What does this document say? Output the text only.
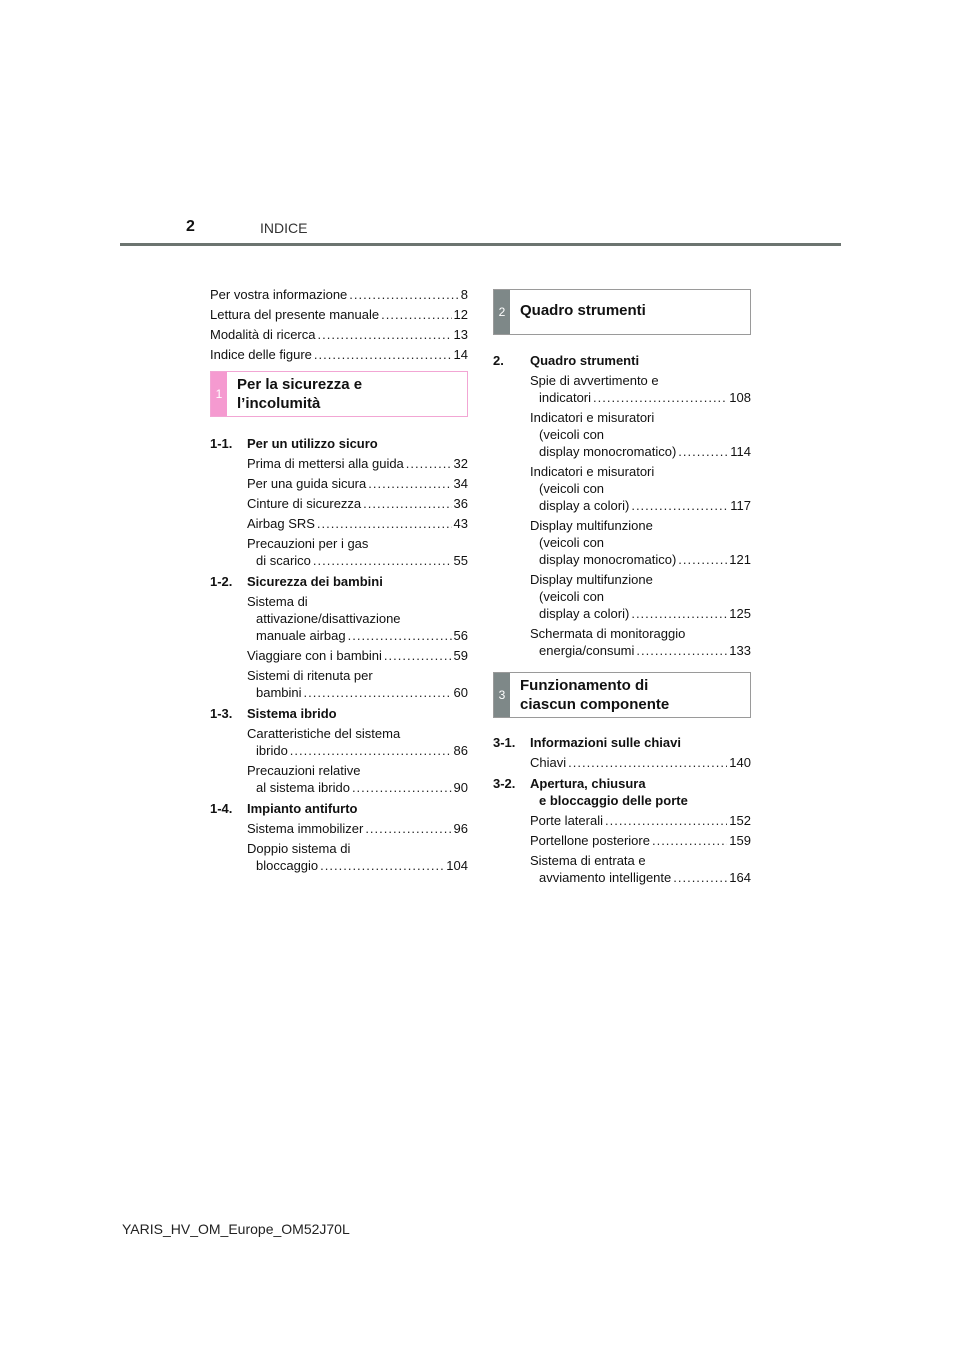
2	INDICE
Per vostra informazione .....	8
Lettura del presente manuale .....	12
Modalità di ricerca .....	13
Indice delle figure .....	14
1
Per la sicurezza e
l’incolumità
1-1.	Per un utilizzo sicuro
Prima di mettersi alla guida .....	32
Per una guida sicura .....	34
Cinture di sicurezza .....	36
Airbag SRS .....	43
Precauzioni per i gas
di scarico .....	55
1-2.	Sicurezza dei bambini
Sistema di
attivazione/disattivazione
manuale airbag .....	56
Viaggiare con i bambini .....	59
Sistemi di ritenuta per
bambini .....	60
1-3.	Sistema ibrido
Caratteristiche del sistema
ibrido .....	86
Precauzioni relative
al sistema ibrido .....	90
1-4.	Impianto antifurto
Sistema immobilizer .....	96
Doppio sistema di
bloccaggio .....	104
2 Quadro strumenti
2.	Quadro strumenti
Spie di avvertimento e
indicatori .....	108
Indicatori e misuratori
(veicoli con
display monocromatico) .....	114
Indicatori e misuratori
(veicoli con
display a colori) .....	117
Display multifunzione
(veicoli con
display monocromatico) .....	121
Display multifunzione
(veicoli con
display a colori) .....	125
Schermata di monitoraggio
energia/consumi .....	133
3
Funzionamento di
ciascun componente
3-1.	Informazioni sulle chiavi
Chiavi .....	140
3-2.	Apertura, chiusura
e bloccaggio delle porte
Porte laterali .....	152
Portellone posteriore .....	159
Sistema di entrata e
avviamento intelligente .....	164
YARIS_HV_OM_Europe_OM52J70L
